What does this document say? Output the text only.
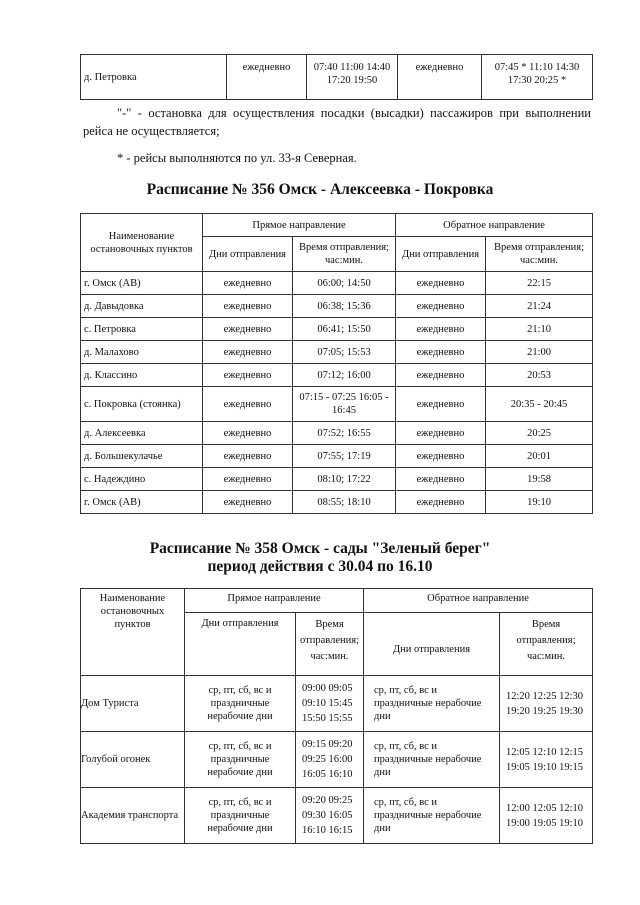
д. Петровка	ежедневно	07:40 11:00 14:40 17:20 19:50	ежедневно	07:45 * 11:10 14:30 17:30 20:25 *

"-" - остановка для осуществления посадки (высадки) пассажиров при выполнении рейса не осуществляется;

* - рейсы выполняются по ул. 33-я Северная.

Расписание № 356 Омск - Алексеевка - Покровка
Наименование остановочных пунктов	Прямое направление		Обратное направление	
	Дни отправления	Время отправления; час:мин.	Дни отправления	Время отправления; час:мин.
г. Омск (АВ)	ежедневно	06:00; 14:50	ежедневно	22:15
д. Давыдовка	ежедневно	06:38; 15:36	ежедневно	21:24
с. Петровка	ежедневно	06:41; 15:50	ежедневно	21:10
д. Малахово	ежедневно	07:05; 15:53	ежедневно	21:00
д. Классино	ежедневно	07:12; 16:00	ежедневно	20:53
с. Покровка (стоянка)	ежедневно	07:15 - 07:25 16:05 - 16:45	ежедневно	20:35 - 20:45
д. Алексеевка	ежедневно	07:52; 16:55	ежедневно	20:25
д. Большекулачье	ежедневно	07:55; 17:19	ежедневно	20:01
с. Надеждино	ежедневно	08:10; 17:22	ежедневно	19:58
г. Омск (АВ)	ежедневно	08:55; 18:10	ежедневно	19:10
Расписание № 358 Омск - сады "Зеленый берег"
период действия с 30.04 по 16.10
Наименование остановочных пунктов	Прямое направление		Обратное направление	
	Дни отправления	Время отправления; час:мин.	Дни отправления	Время отправления; час:мин.
Дом Туриста	ср, пт, сб, вс и праздничные нерабочие дни	09:00 09:05 09:10 15:45 15:50 15:55	ср, пт, сб, вс и праздничные нерабочие дни	12:20 12:25 12:30 19:20 19:25 19:30
Голубой огонек	ср, пт, сб, вс и праздничные нерабочие дни	09:15 09:20 09:25 16:00 16:05 16:10	ср, пт, сб, вс и праздничные нерабочие дни	12:05 12:10 12:15 19:05 19:10 19:15
Академия транспорта	ср, пт, сб, вс и праздничные нерабочие дни	09:20 09:25 09:30 16:05 16:10 16:15	ср, пт, сб, вс и праздничные нерабочие дни	12:00 12:05 12:10 19:00 19:05 19:10
